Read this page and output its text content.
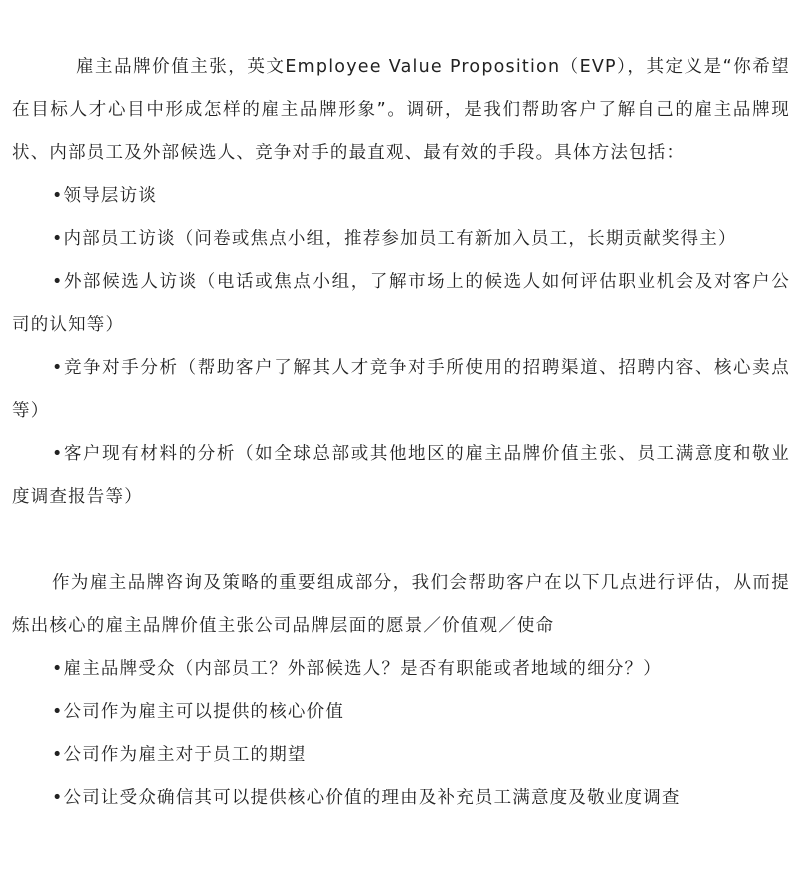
雇主品牌价值主张，英文Employee Value Proposition（EVP），其定义是“你希望在目标人才心目中形成怎样的雇主品牌形象”。调研，是我们帮助客户了解自己的雇主品牌现状、内部员工及外部候选人、竞争对手的最直观、最有效的手段。具体方法包括：

•领导层访谈

•内部员工访谈（问卷或焦点小组，推荐参加员工有新加入员工，长期贡献奖得主）

•外部候选人访谈（电话或焦点小组，了解市场上的候选人如何评估职业机会及对客户公司的认知等）

•竞争对手分析（帮助客户了解其人才竞争对手所使用的招聘渠道、招聘内容、核心卖点等）

•客户现有材料的分析（如全球总部或其他地区的雇主品牌价值主张、员工满意度和敬业度调查报告等）

作为雇主品牌咨询及策略的重要组成部分，我们会帮助客户在以下几点进行评估，从而提炼出核心的雇主品牌价值主张公司品牌层面的愿景／价值观／使命

•雇主品牌受众（内部员工？外部候选人？是否有职能或者地域的细分？）

•公司作为雇主可以提供的核心价值

•公司作为雇主对于员工的期望

•公司让受众确信其可以提供核心价值的理由及补充员工满意度及敬业度调查
